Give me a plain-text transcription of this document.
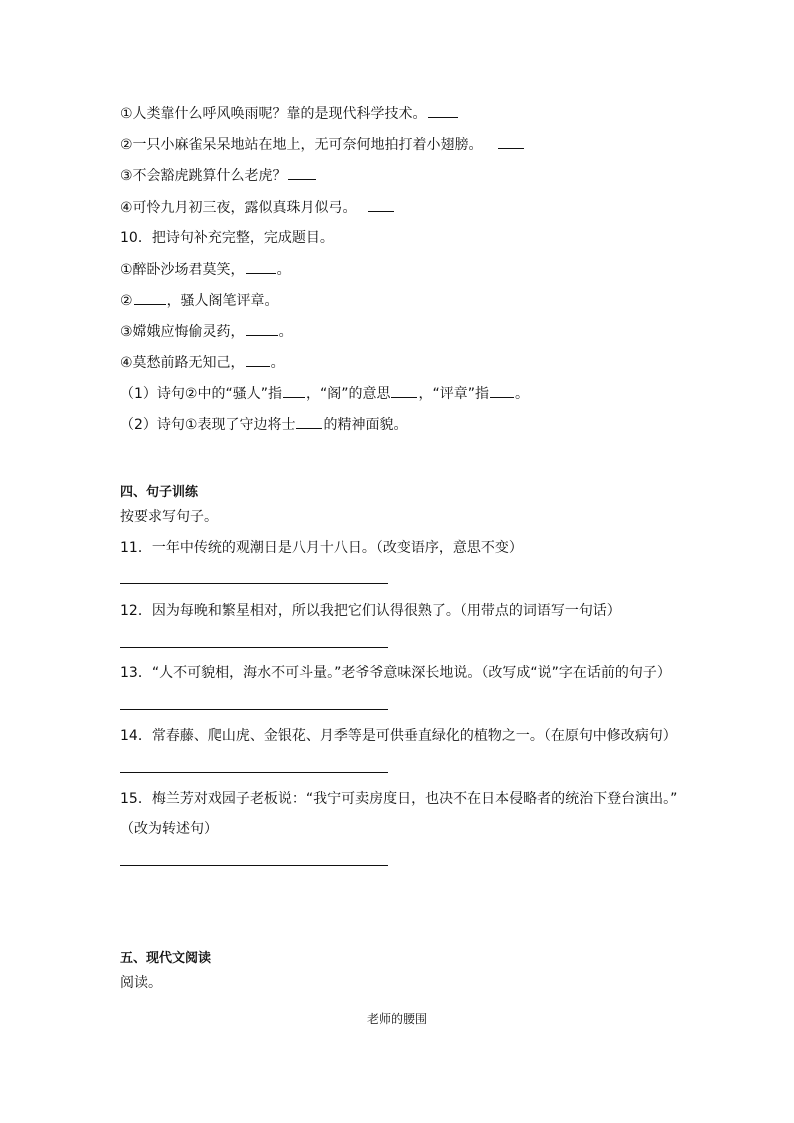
①人类靠什么呼风唤雨呢？靠的是现代科学技术。
②一只小麻雀呆呆地站在地上，无可奈何地拍打着小翅膀。
③不会豁虎跳算什么老虎？
④可怜九月初三夜，露似真珠月似弓。
10．把诗句补充完整，完成题目。
①醉卧沙场君莫笑， 。
② ，骚人阁笔评章。
③嫦娥应悔偷灵药， 。
④莫愁前路无知己， 。
（1）诗句②中的“骚人”指 ，“阁”的意思 ，“评章”指 。
（2）诗句①表现了守边将士 的精神面貌。
四、句子训练
按要求写句子。
11．一年中传统的观潮日是八月十八日。（改变语序，意思不变）
12．因为每晚和繁星相对，所以我把它们认得很熟了。（用带点的词语写一句话）
13．“人不可貌相，海水不可斗量。”老爷爷意味深长地说。（改写成“说”字在话前的句子）
14．常春藤、爬山虎、金银花、月季等是可供垂直绿化的植物之一。（在原句中修改病句）
15．梅兰芳对戏园子老板说：“我宁可卖房度日，也决不在日本侵略者的统治下登台演出。”
（改为转述句）
五、现代文阅读
阅读。
老师的腰围
